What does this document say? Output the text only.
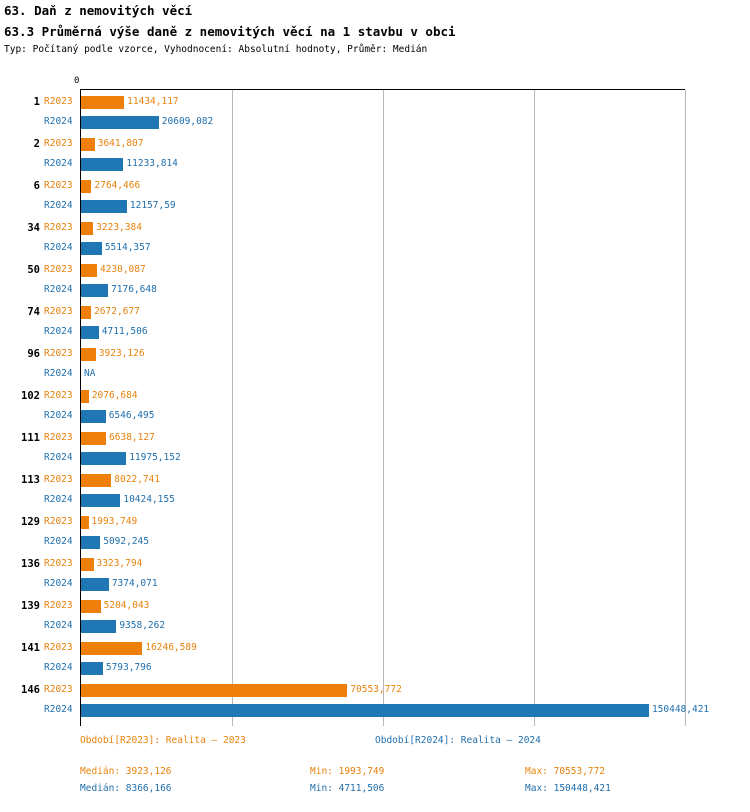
63. Daň z nemovitých věcí
63.3 Průměrná výše daně z nemovitých věcí na 1 stavbu v obci
Typ: Počítaný podle vzorce, Vyhodnocení: Absolutní hodnoty, Průměr: Medián
0
1 R2023	11434,117
R2024	20609,082
2 R2023	3641,807
R2024	11233,814
6 R2023	2764,466
R2024	12157,59
34 R2023	3223,384
R2024	5514,357
50 R2023	4230,087
R2024	7176,648
74 R2023	2672,677
R2024	4711,506
96 R2023	3923,126
R2024	NA
102 R2023	2076,684
R2024	6546,495
111 R2023	6638,127
R2024	11975,152
113 R2023	8022,741
R2024	10424,155
129 R2023	1993,749
R2024	5092,245
136 R2023	3323,794
R2024	7374,071
139 R2023	5204,043
R2024	9358,262
141 R2023	16246,589
R2024	5793,796
146 R2023	70553,772
R2024	150448,421
Období[R2023]: Realita – 2023	Období[R2024]: Realita – 2024
Medián: 3923,126	Min: 1993,749	Max: 70553,772
Medián: 8366,166	Min: 4711,506	Max: 150448,421
